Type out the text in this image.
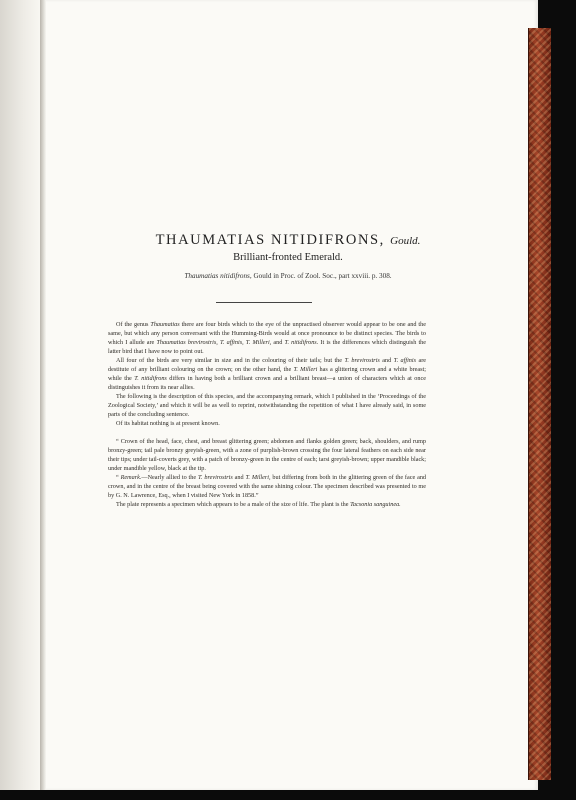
THAUMATIAS NITIDIFRONS, Gould.
Brilliant-fronted Emerald.
Thaumatias nitidifrons, Gould in Proc. of Zool. Soc., part xxviii. p. 308.

Of the genus Thaumatias there are four birds which to the eye of the unpractised observer would appear to be one and the same, but which any person conversant with the Humming-Birds would at once pronounce to be distinct species. The birds to which I allude are Thaumatias brevirostris, T. affinis, T. Milleri, and T. nitidifrons. It is the differences which distinguish the latter bird that I have now to point out.

All four of the birds are very similar in size and in the colouring of their tails; but the T. brevirostris and T. affinis are destitute of any brilliant colouring on the crown; on the other hand, the T. Milleri has a glittering crown and a white breast; while the T. nitidifrons differs in having both a brilliant crown and a brilliant breast—a union of characters which at once distinguishes it from its near allies.

The following is the description of this species, and the accompanying remark, which I published in the ‘Proceedings of the Zoological Society,’ and which it will be as well to reprint, notwithstanding the repetition of what I have already said, in some parts of the concluding sentence.

Of its habitat nothing is at present known.

“ Crown of the head, face, chest, and breast glittering green; abdomen and flanks golden green; back, shoulders, and rump bronzy-green; tail pale bronzy greyish-green, with a zone of purplish-brown crossing the four lateral feathers on each side near their tips; under tail-coverts grey, with a patch of bronzy-green in the centre of each; tarsi greyish-brown; upper mandible black; under mandible yellow, black at the tip.

“ Remark.—Nearly allied to the T. brevirostris and T. Milleri, but differing from both in the glittering green of the face and crown, and in the centre of the breast being covered with the same shining colour. The specimen described was presented to me by G. N. Lawrence, Esq., when I visited New York in 1858.”

The plate represents a specimen which appears to be a male of the size of life. The plant is the Tacsonia sanguinea.
